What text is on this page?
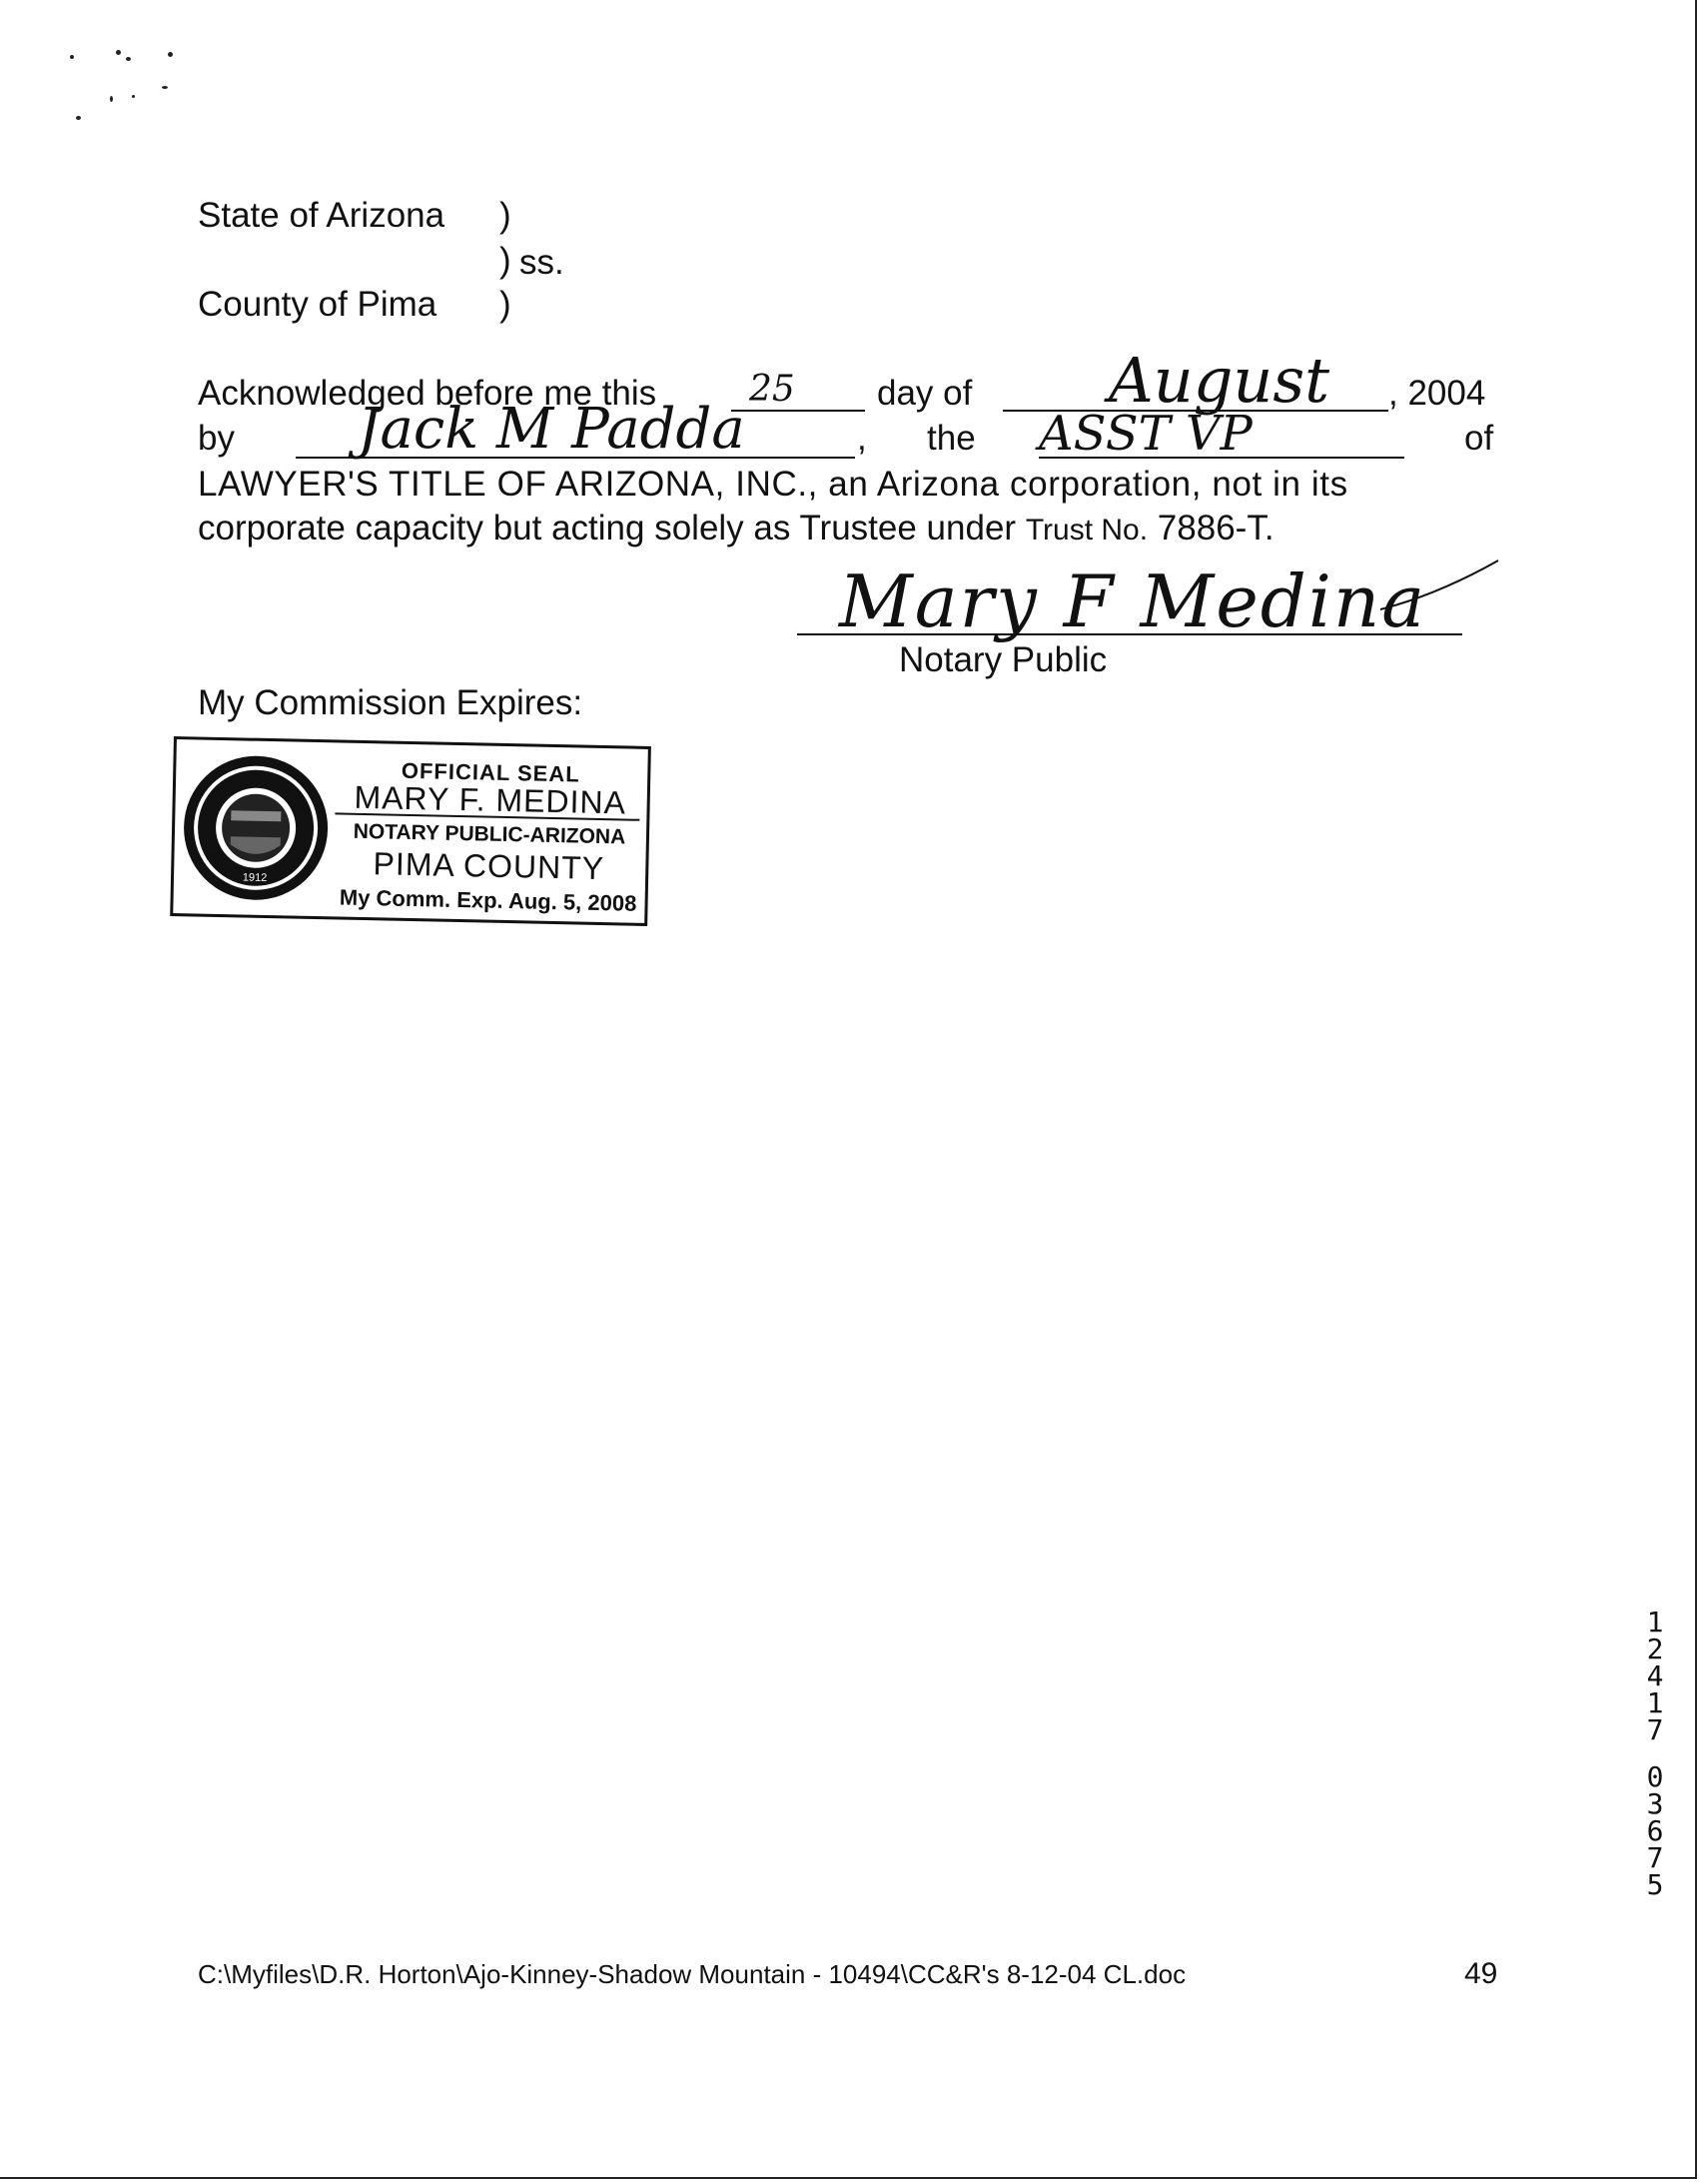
State of Arizona )
) ss.
County of Pima )
Acknowledged before me this	25 day of August , 2004
by Jack M Padda	, the ASST VP	of
LAWYER'S TITLE OF ARIZONA, INC., an Arizona corporation, not in its
corporate capacity but acting solely as Trustee under Trust No. 7886-T.
Mary F Medina
Notary Public
My Commission Expires:
1912
OFFICIAL SEAL
MARY F. MEDINA
NOTARY PUBLIC-ARIZONA
PIMA COUNTY
My Comm. Exp. Aug. 5, 2008
1
2
4
1
7
0
3
6
7
5
C:\Myfiles\D.R. Horton\Ajo-Kinney-Shadow Mountain - 10494\CC&R's 8-12-04 CL.doc	49
